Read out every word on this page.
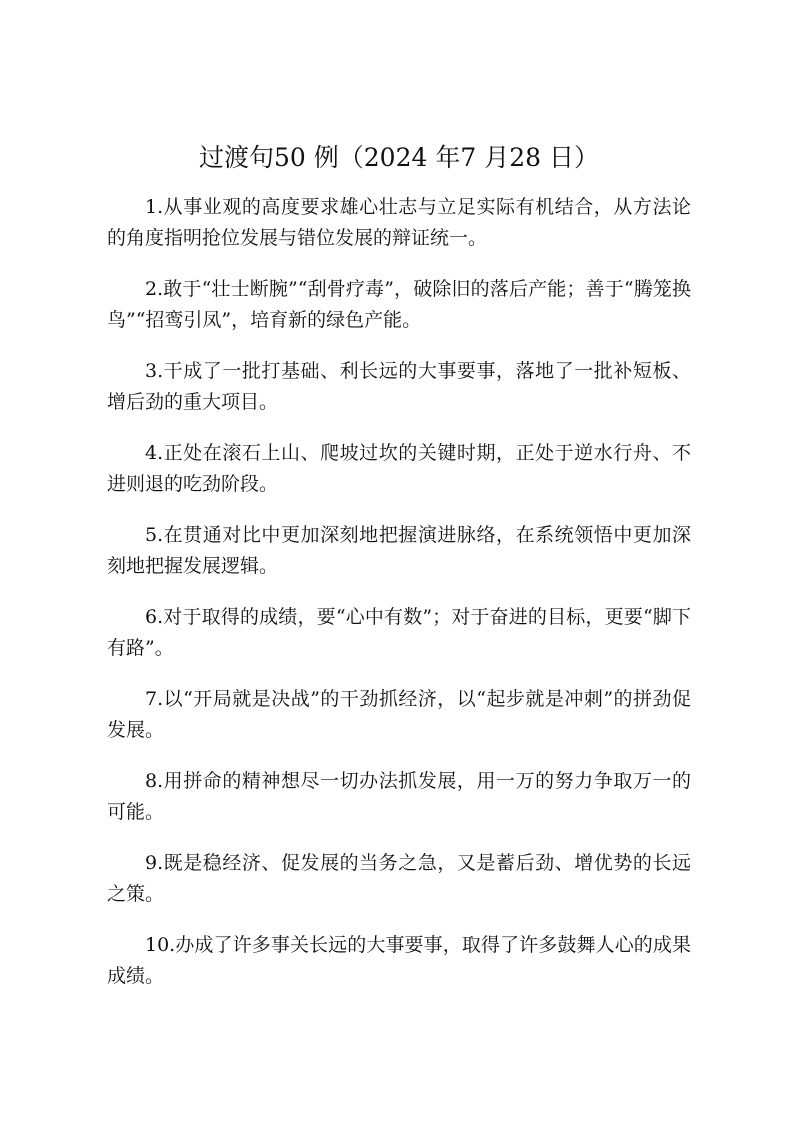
过渡句50 例（2024 年7 月28 日）

1.从事业观的高度要求雄心壮志与立足实际有机结合，从方法论的角度指明抢位发展与错位发展的辩证统一。

2.敢于“壮士断腕”“刮骨疗毒”，破除旧的落后产能；善于“腾笼换鸟”“招鸾引凤”，培育新的绿色产能。

3.干成了一批打基础、利长远的大事要事，落地了一批补短板、增后劲的重大项目。

4.正处在滚石上山、爬坡过坎的关键时期，正处于逆水行舟、不进则退的吃劲阶段。

5.在贯通对比中更加深刻地把握演进脉络，在系统领悟中更加深刻地把握发展逻辑。

6.对于取得的成绩，要“心中有数”；对于奋进的目标，更要“脚下有路”。

7.以“开局就是决战”的干劲抓经济，以“起步就是冲刺”的拼劲促发展。

8.用拼命的精神想尽一切办法抓发展，用一万的努力争取万一的可能。

9.既是稳经济、促发展的当务之急，又是蓄后劲、增优势的长远之策。

10.办成了许多事关长远的大事要事，取得了许多鼓舞人心的成果成绩。
